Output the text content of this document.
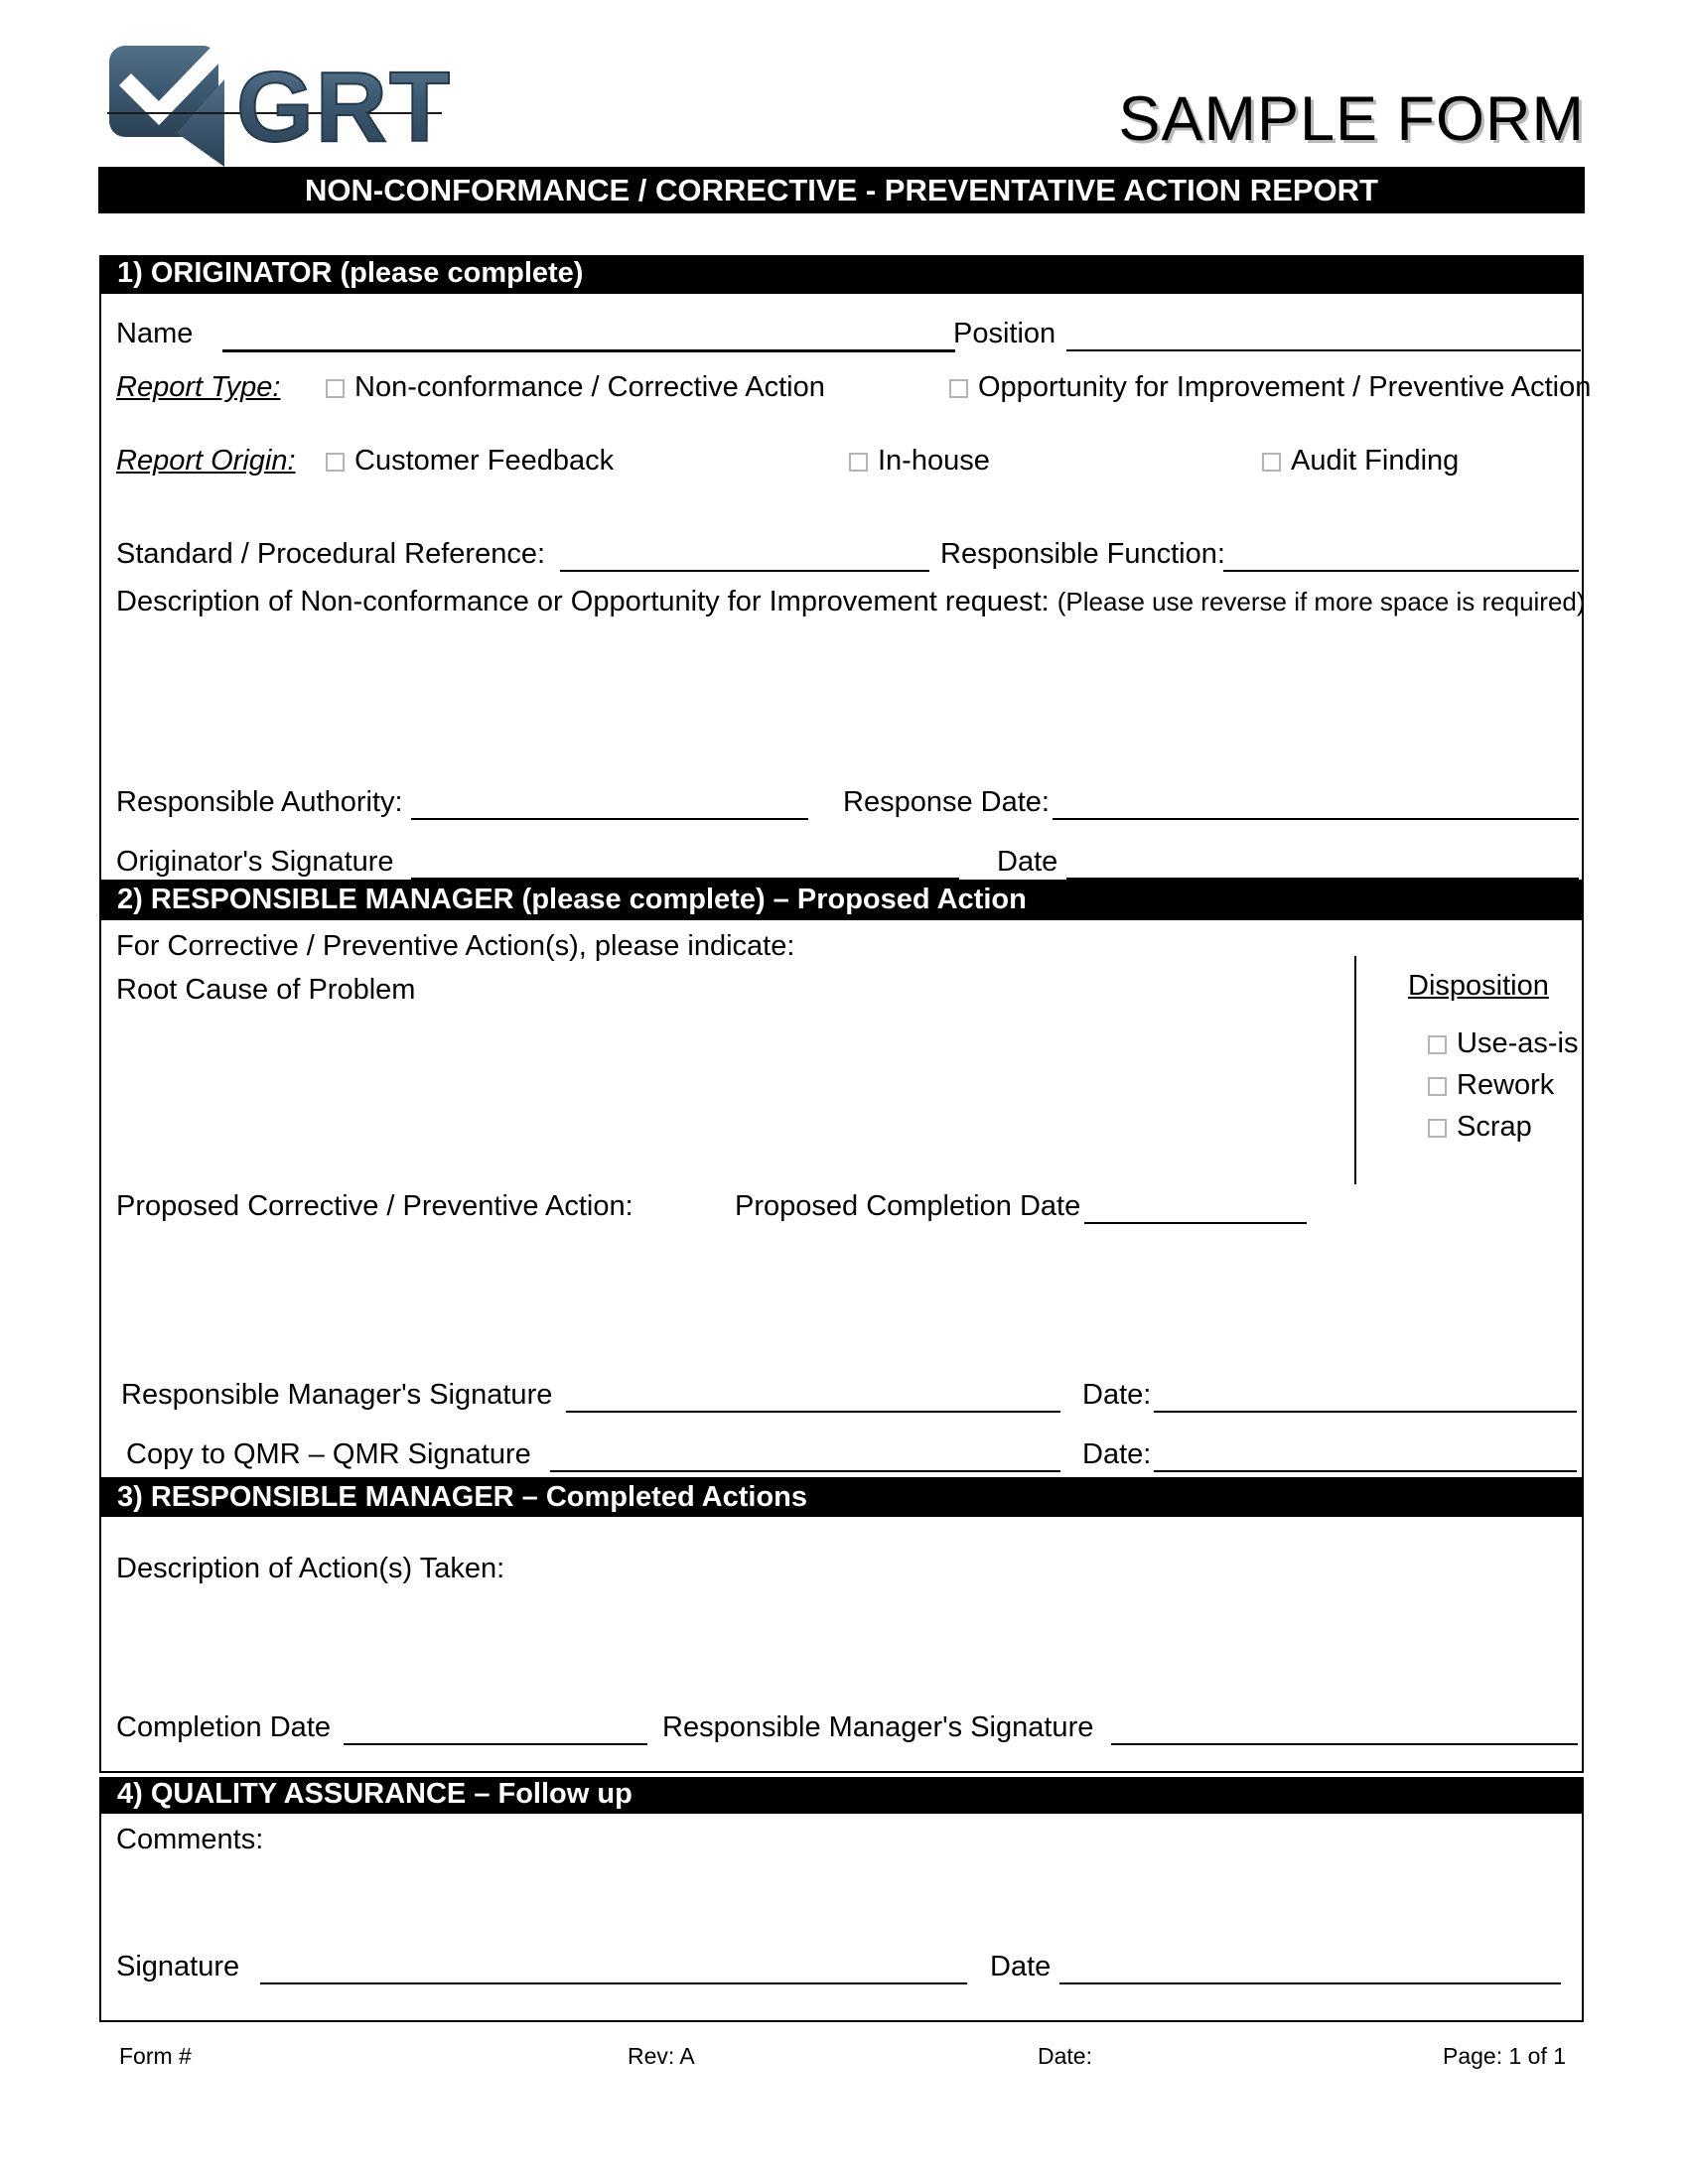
GRT	SAMPLE FORM
NON-CONFORMANCE / CORRECTIVE - PREVENTATIVE ACTION REPORT
1) ORIGINATOR (please complete)
Name	Position
Report Type:	Non-conformance / Corrective Action	Opportunity for Improvement / Preventive Action
Report Origin:	Customer Feedback	In-house	Audit Finding
Standard / Procedural Reference:	Responsible Function:
Description of Non-conformance or Opportunity for Improvement request: (Please use reverse if more space is required)
Responsible Authority:	Response Date:
Originator's Signature	Date
2) RESPONSIBLE MANAGER (please complete) – Proposed Action
For Corrective / Preventive Action(s), please indicate:
Root Cause of Problem	Disposition
Use-as-is
Rework
Scrap
Proposed Corrective / Preventive Action:	Proposed Completion Date
Responsible Manager's Signature	Date:
Copy to QMR – QMR Signature	Date:
3) RESPONSIBLE MANAGER – Completed Actions
Description of Action(s) Taken:
Completion Date	Responsible Manager's Signature
4) QUALITY ASSURANCE – Follow up
Comments:
Signature	Date
Form #	Rev: A	Date:	Page: 1 of 1
